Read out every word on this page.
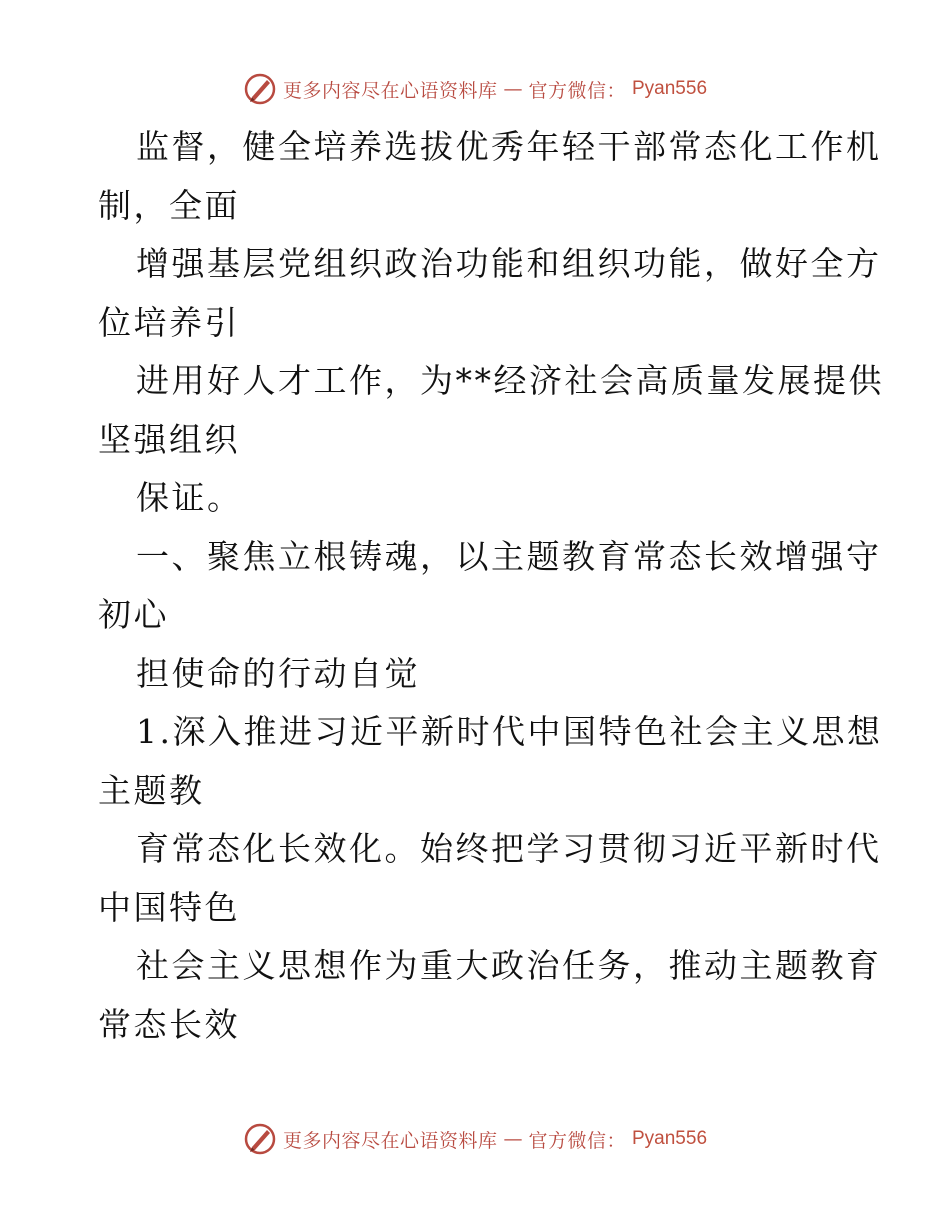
更多内容尽在心语资料库 — 官方微信： Pyan556
监督，健全培养选拔优秀年轻干部常态化工作机
制，全面
增强基层党组织政治功能和组织功能，做好全方
位培养引
进用好人才工作，为**经济社会高质量发展提供
坚强组织
保证。
一、聚焦立根铸魂，以主题教育常态长效增强守
初心
担使命的行动自觉
1.深入推进习近平新时代中国特色社会主义思想
主题教
育常态化长效化。始终把学习贯彻习近平新时代
中国特色
社会主义思想作为重大政治任务，推动主题教育
常态长效
更多内容尽在心语资料库 — 官方微信： Pyan556
